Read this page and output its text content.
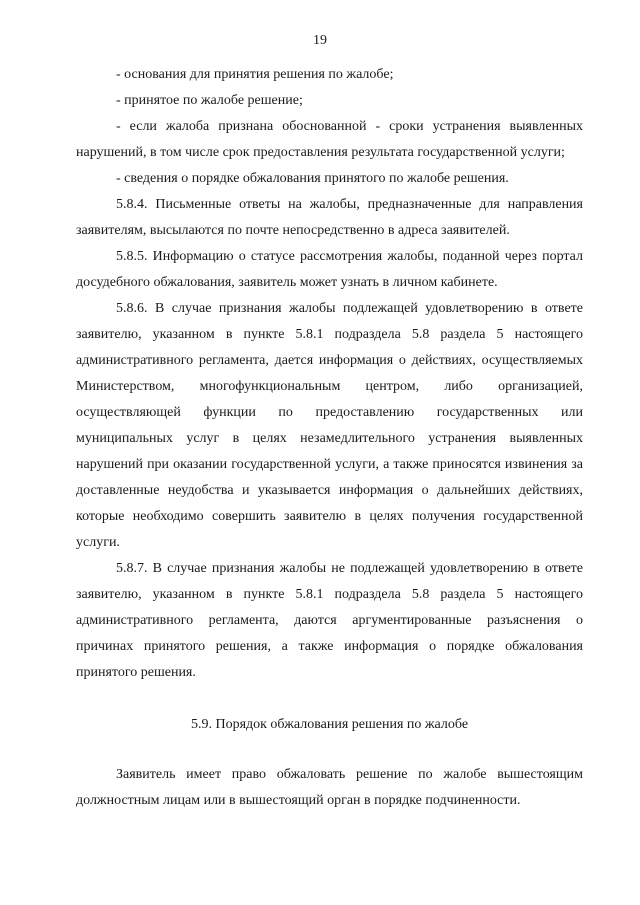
19

- основания для принятия решения по жалобе;

- принятое по жалобе решение;

- если жалоба признана обоснованной - сроки устранения выявленных нарушений, в том числе срок предоставления результата государственной услуги;

- сведения о порядке обжалования принятого по жалобе решения.

5.8.4. Письменные ответы на жалобы, предназначенные для направления заявителям, высылаются по почте непосредственно в адреса заявителей.

5.8.5. Информацию о статусе рассмотрения жалобы, поданной через портал досудебного обжалования, заявитель может узнать в личном кабинете.

5.8.6. В случае признания жалобы подлежащей удовлетворению в ответе заявителю, указанном в пункте 5.8.1 подраздела 5.8 раздела 5 настоящего административного регламента, дается информация о действиях, осуществляемых Министерством, многофункциональным центром, либо организацией, осуществляющей функции по предоставлению государственных или муниципальных услуг в целях незамедлительного устранения выявленных нарушений при оказании государственной услуги, а также приносятся извинения за доставленные неудобства и указывается информация о дальнейших действиях, которые необходимо совершить заявителю в целях получения государственной услуги.

5.8.7. В случае признания жалобы не подлежащей удовлетворению в ответе заявителю, указанном в пункте 5.8.1 подраздела 5.8 раздела 5 настоящего административного регламента, даются аргументированные разъяснения о причинах принятого решения, а также информация о порядке обжалования принятого решения.

5.9. Порядок обжалования решения по жалобе

Заявитель имеет право обжаловать решение по жалобе вышестоящим должностным лицам или в вышестоящий орган в порядке подчиненности.
